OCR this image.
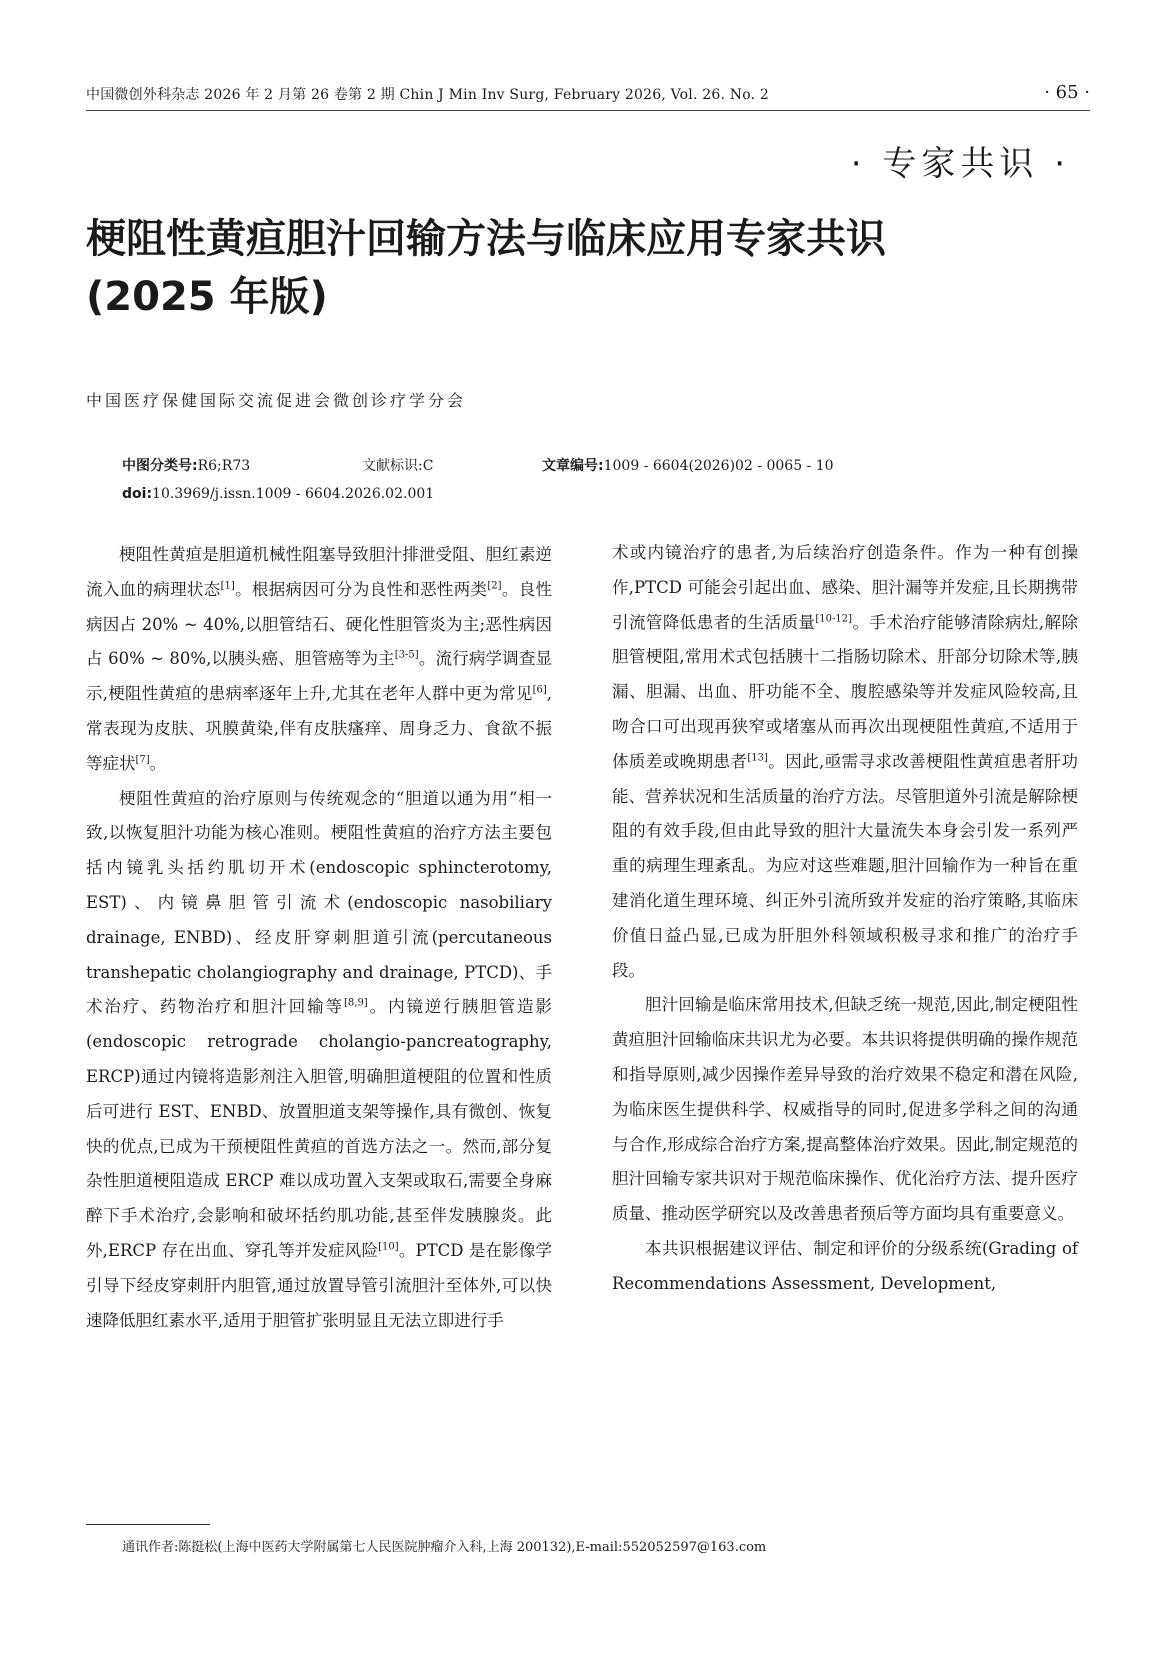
中国微创外科杂志 2026 年 2 月第 26 卷第 2 期 Chin J Min Inv Surg, February 2026, Vol. 26. No. 2	· 65 ·
· 专家共识 ·
梗阻性黄疸胆汁回输方法与临床应用专家共识
(2025 年版)
中国医疗保健国际交流促进会微创诊疗学分会
中图分类号:R6;R73	文献标识:C	文章编号:1009 - 6604(2026)02 - 0065 - 10
doi:10.3969/j.issn.1009 - 6604.2026.02.001

梗阻性黄疸是胆道机械性阻塞导致胆汁排泄受阻、胆红素逆流入血的病理状态[1]。根据病因可分为良性和恶性两类[2]。良性病因占 20% ~ 40%,以胆管结石、硬化性胆管炎为主;恶性病因占 60% ~ 80%,以胰头癌、胆管癌等为主[3-5]。流行病学调查显示,梗阻性黄疸的患病率逐年上升,尤其在老年人群中更为常见[6],常表现为皮肤、巩膜黄染,伴有皮肤瘙痒、周身乏力、食欲不振等症状[7]。

梗阻性黄疸的治疗原则与传统观念的“胆道以通为用”相一致,以恢复胆汁功能为核心准则。梗阻性黄疸的治疗方法主要包括内镜乳头括约肌切开术(endoscopic sphincterotomy, EST)、内镜鼻胆管引流术(endoscopic nasobiliary drainage, ENBD)、经皮肝穿刺胆道引流(percutaneous transhepatic cholangiography and drainage, PTCD)、手术治疗、药物治疗和胆汁回输等[8,9]。内镜逆行胰胆管造影(endoscopic retrograde cholangio-pancreatography, ERCP)通过内镜将造影剂注入胆管,明确胆道梗阻的位置和性质后可进行 EST、ENBD、放置胆道支架等操作,具有微创、恢复快的优点,已成为干预梗阻性黄疸的首选方法之一。然而,部分复杂性胆道梗阻造成 ERCP 难以成功置入支架或取石,需要全身麻醉下手术治疗,会影响和破坏括约肌功能,甚至伴发胰腺炎。此外,ERCP 存在出血、穿孔等并发症风险[10]。PTCD 是在影像学引导下经皮穿刺肝内胆管,通过放置导管引流胆汁至体外,可以快速降低胆红素水平,适用于胆管扩张明显且无法立即进行手

术或内镜治疗的患者,为后续治疗创造条件。作为一种有创操作,PTCD 可能会引起出血、感染、胆汁漏等并发症,且长期携带引流管降低患者的生活质量[10-12]。手术治疗能够清除病灶,解除胆管梗阻,常用术式包括胰十二指肠切除术、肝部分切除术等,胰漏、胆漏、出血、肝功能不全、腹腔感染等并发症风险较高,且吻合口可出现再狭窄或堵塞从而再次出现梗阻性黄疸,不适用于体质差或晚期患者[13]。因此,亟需寻求改善梗阻性黄疸患者肝功能、营养状况和生活质量的治疗方法。尽管胆道外引流是解除梗阻的有效手段,但由此导致的胆汁大量流失本身会引发一系列严重的病理生理紊乱。为应对这些难题,胆汁回输作为一种旨在重建消化道生理环境、纠正外引流所致并发症的治疗策略,其临床价值日益凸显,已成为肝胆外科领域积极寻求和推广的治疗手段。

胆汁回输是临床常用技术,但缺乏统一规范,因此,制定梗阻性黄疸胆汁回输临床共识尤为必要。本共识将提供明确的操作规范和指导原则,减少因操作差异导致的治疗效果不稳定和潜在风险,为临床医生提供科学、权威指导的同时,促进多学科之间的沟通与合作,形成综合治疗方案,提高整体治疗效果。因此,制定规范的胆汁回输专家共识对于规范临床操作、优化治疗方法、提升医疗质量、推动医学研究以及改善患者预后等方面均具有重要意义。

本共识根据建议评估、制定和评价的分级系统(Grading of Recommendations Assessment, Development,

通讯作者:陈挺松(上海中医药大学附属第七人民医院肿瘤介入科,上海 200132),E-mail:552052597@163.com
